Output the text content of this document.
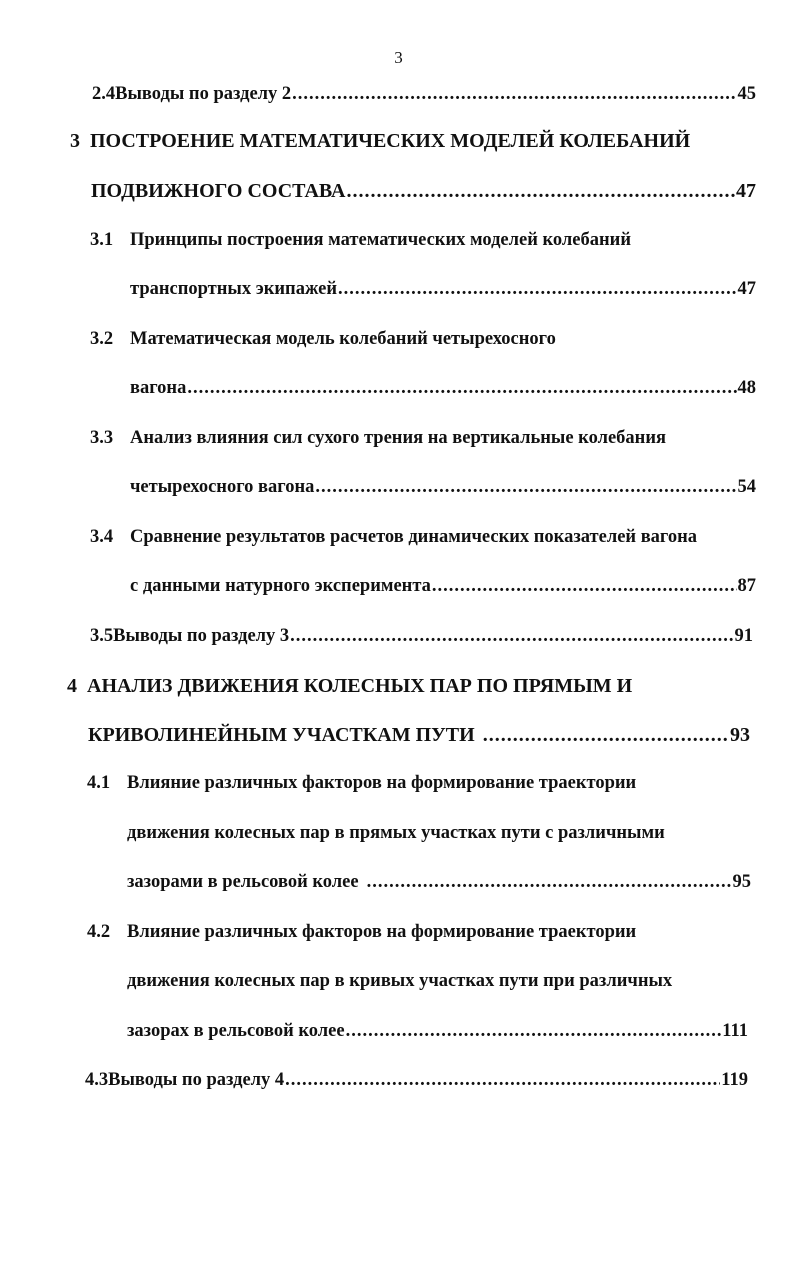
3
2.4 Выводы по разделу 2 .....	45
3 ПОСТРОЕНИЕ МАТЕМАТИЧЕСКИХ МОДЕЛЕЙ КОЛЕБАНИЙ
ПОДВИЖНОГО СОСТАВА .....	47
3.1 Принципы построения математических моделей колебаний
транспортных экипажей .....	47
3.2 Математическая модель колебаний четырехосного
вагона .....	48
3.3 Анализ влияния сил сухого трения на вертикальные колебания
четырехосного вагона .....	54
3.4 Сравнение результатов расчетов динамических показателей вагона
с данными натурного эксперимента .....	87
3.5 Выводы по разделу 3 .....	91
4 АНАЛИЗ ДВИЖЕНИЯ КОЛЕСНЫХ ПАР ПО ПРЯМЫМ И
КРИВОЛИНЕЙНЫМ УЧАСТКАМ ПУТИ .....	93
4.1 Влияние различных факторов на формирование траектории
движения колесных пар в прямых участках пути с различными
зазорами в рельсовой колее .....	95
4.2 Влияние различных факторов на формирование траектории
движения колесных пар в кривых участках пути при различных
зазорах в рельсовой колее .....	111
4.3 Выводы по разделу 4 .....	119
